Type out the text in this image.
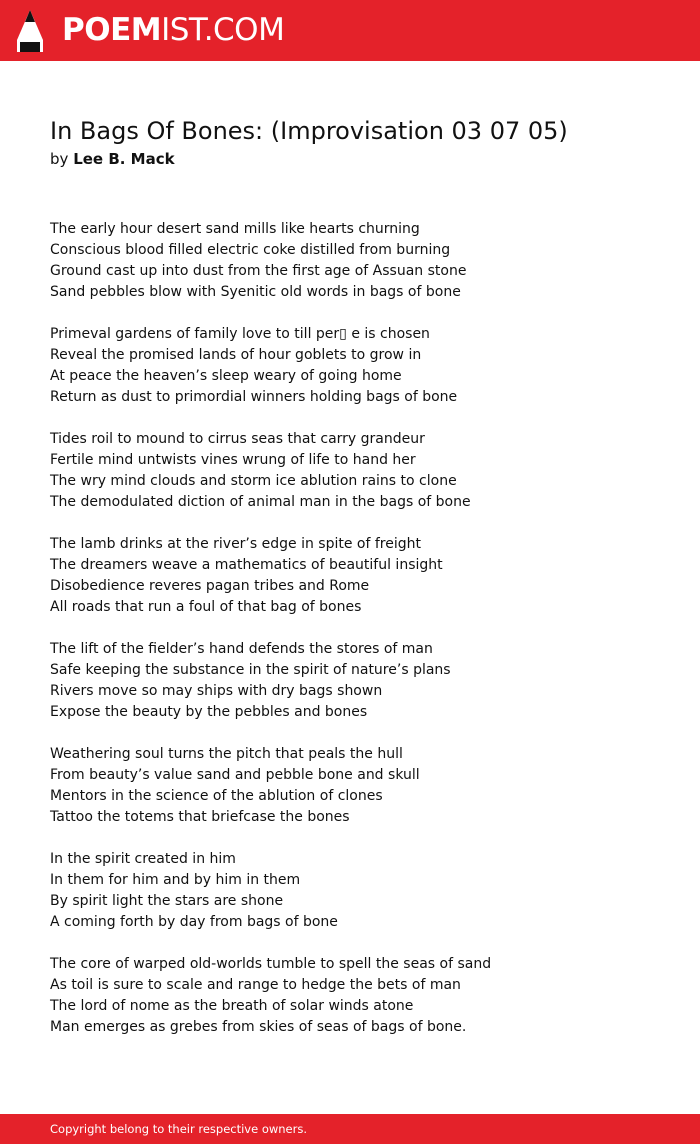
POEMIST.COM
In Bags Of Bones: (Improvisation 03 07 05)
by Lee B. Mack
The early hour desert sand mills like hearts churning
Conscious blood filled electric coke distilled from burning
Ground cast up into dust from the first age of Assuan stone
Sand pebbles blow with Syenitic old words in bags of bone
Primeval gardens of family love to till per▯ e is chosen
Reveal the promised lands of hour goblets to grow in
At peace the heaven’s sleep weary of going home
Return as dust to primordial winners holding bags of bone
Tides roil to mound to cirrus seas that carry grandeur
Fertile mind untwists vines wrung of life to hand her
The wry mind clouds and storm ice ablution rains to clone
The demodulated diction of animal man in the bags of bone
The lamb drinks at the river’s edge in spite of freight
The dreamers weave a mathematics of beautiful insight
Disobedience reveres pagan tribes and Rome
All roads that run a foul of that bag of bones
The lift of the fielder’s hand defends the stores of man
Safe keeping the substance in the spirit of nature’s plans
Rivers move so may ships with dry bags shown
Expose the beauty by the pebbles and bones
Weathering soul turns the pitch that peals the hull
From beauty’s value sand and pebble bone and skull
Mentors in the science of the ablution of clones
Tattoo the totems that briefcase the bones
In the spirit created in him
In them for him and by him in them
By spirit light the stars are shone
A coming forth by day from bags of bone
The core of warped old-worlds tumble to spell the seas of sand
As toil is sure to scale and range to hedge the bets of man
The lord of nome as the breath of solar winds atone
Man emerges as grebes from skies of seas of bags of bone.
Copyright belong to their respective owners.
